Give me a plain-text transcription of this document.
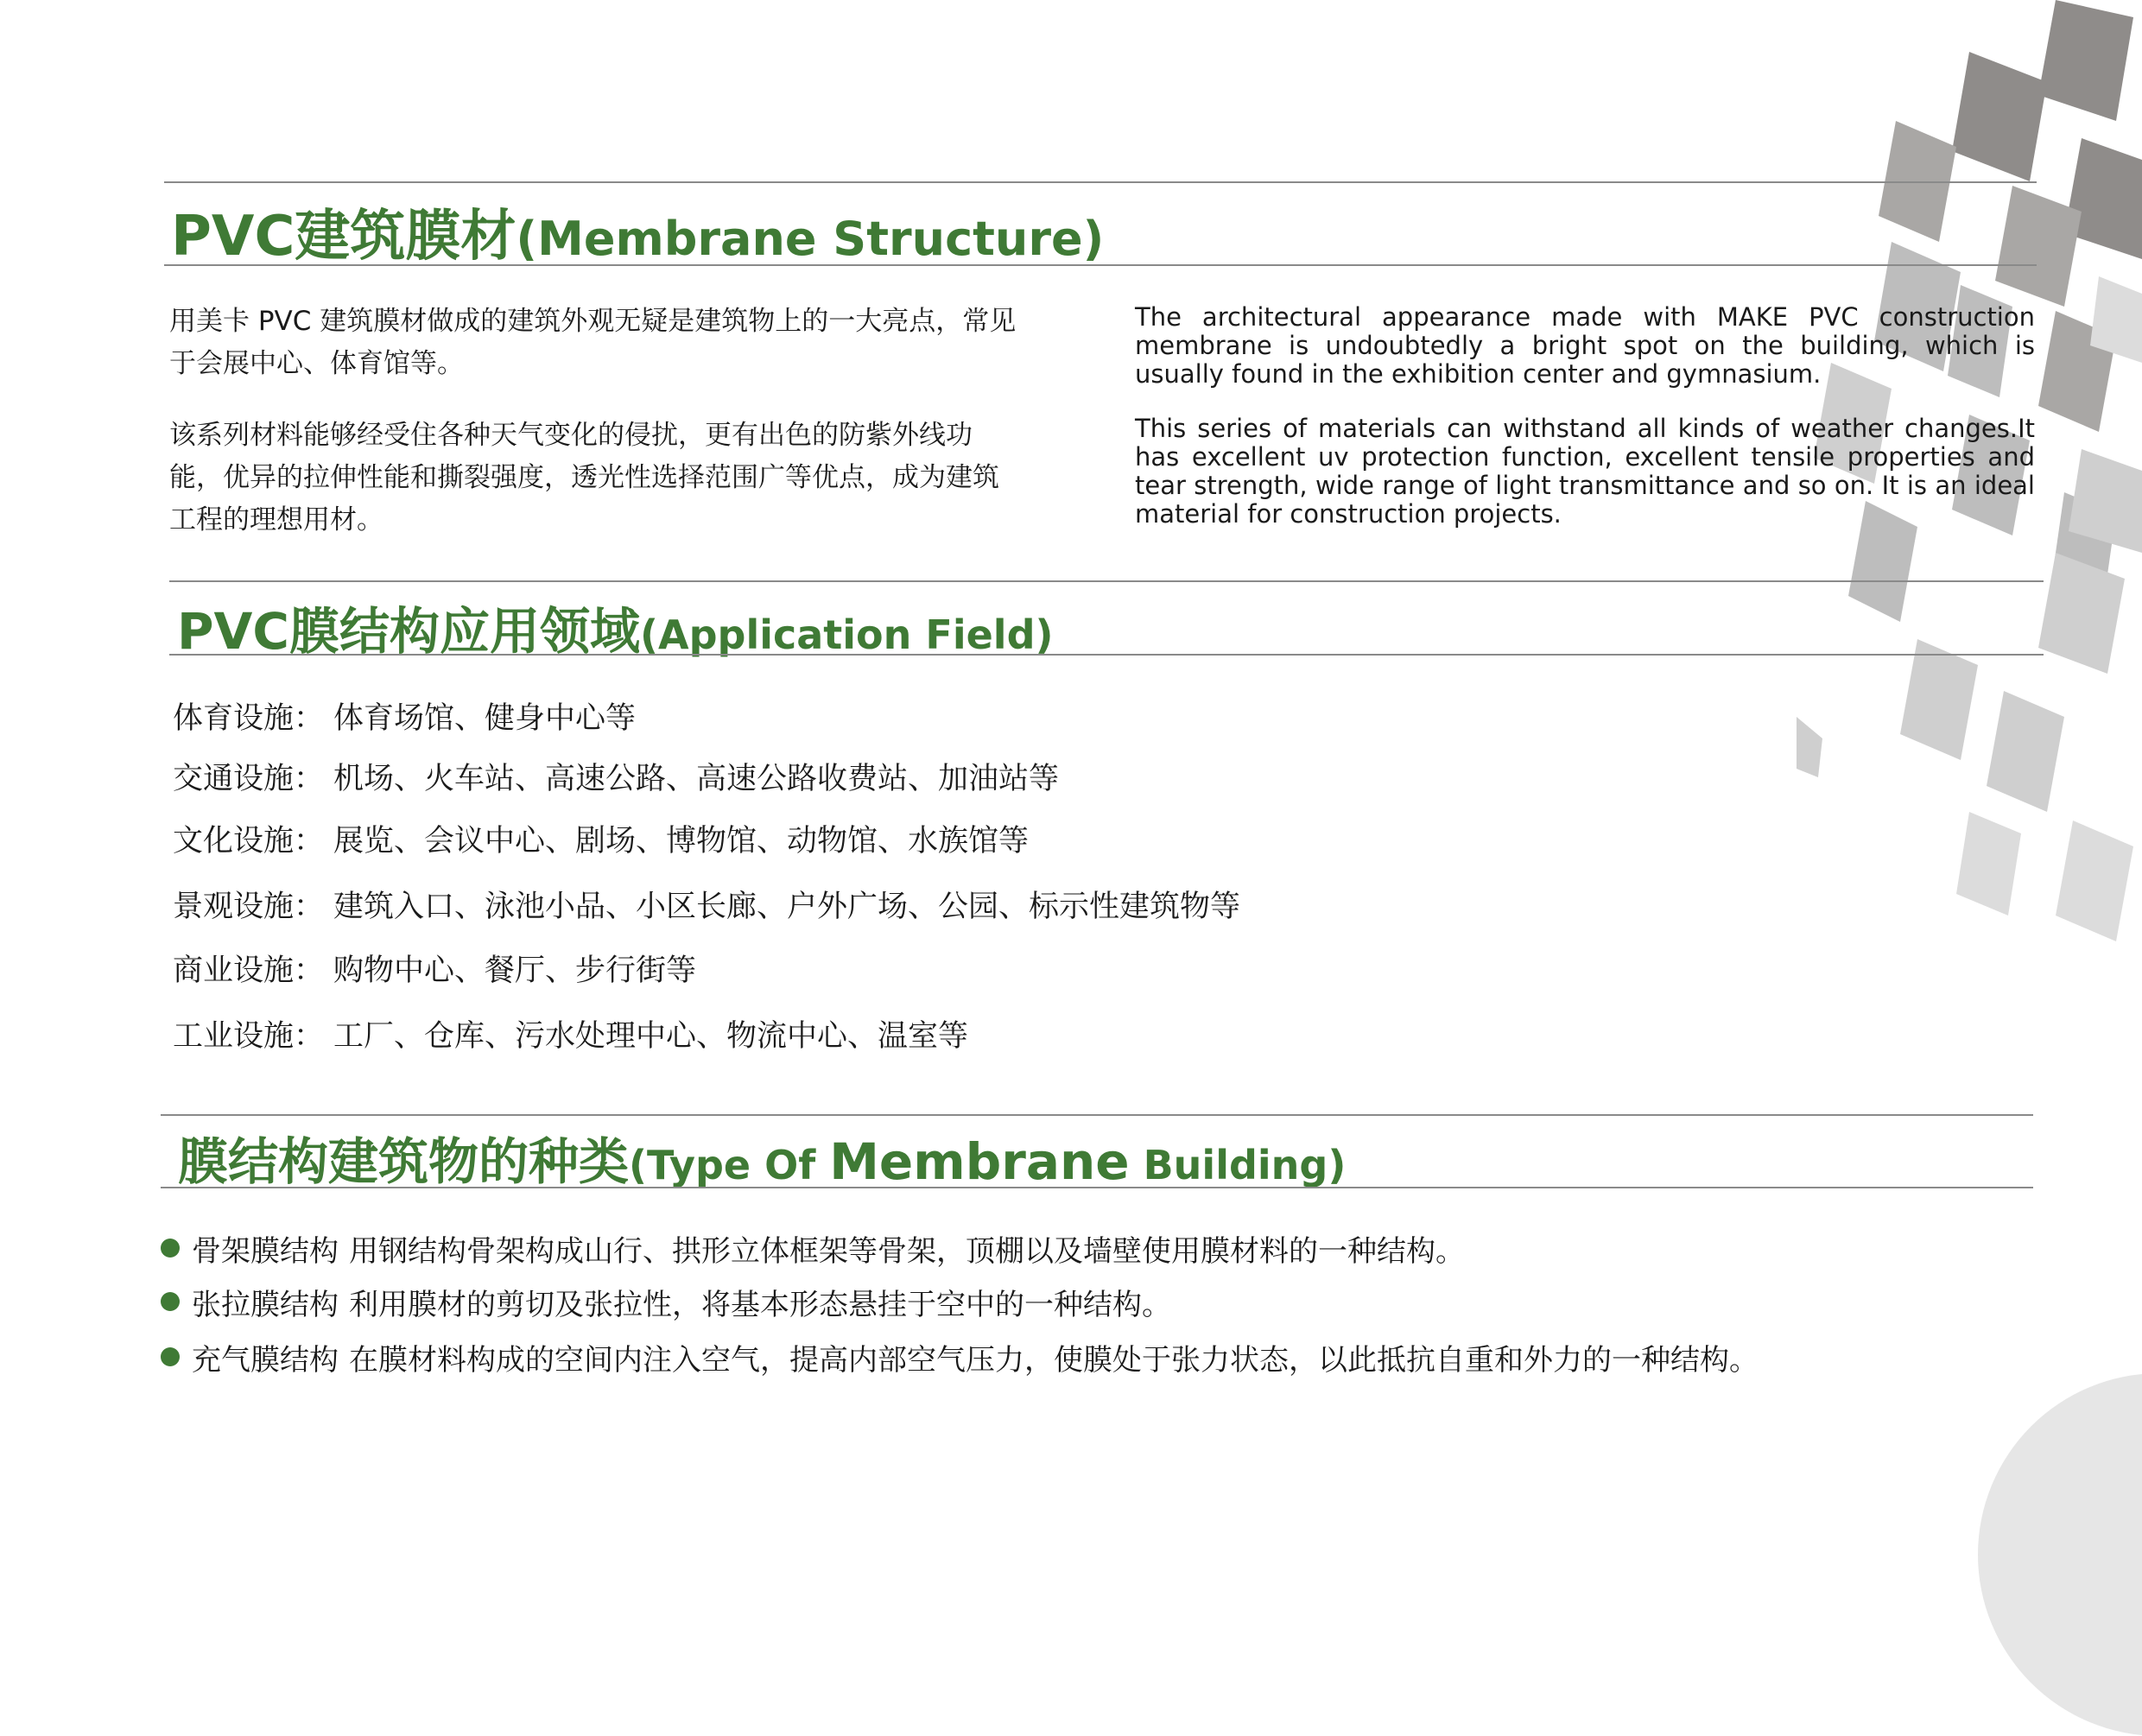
PVC建筑膜材(Membrane Structure)

用美卡 PVC 建筑膜材做成的建筑外观无疑是建筑物上的一大亮点，常见于会展中心、体育馆等。

该系列材料能够经受住各种天气变化的侵扰，更有出色的防紫外线功能，优异的拉伸性能和撕裂强度，透光性选择范围广等优点，成为建筑工程的理想用材。

The architectural appearance made with MAKE PVC construction membrane is undoubtedly a bright spot on the building, which is usually found in the exhibition center and gymnasium.

This series of materials can withstand all kinds of weather changes.It has excellent uv protection function, excellent tensile properties and tear strength, wide range of light transmittance and so on. It is an ideal material for construction projects.

PVC膜结构应用领域(Application Field)
体育设施： 体育场馆、健身中心等
交通设施： 机场、火车站、高速公路、高速公路收费站、加油站等
文化设施： 展览、会议中心、剧场、博物馆、动物馆、水族馆等
景观设施： 建筑入口、泳池小品、小区长廊、户外广场、公园、标示性建筑物等
商业设施： 购物中心、餐厅、步行街等
工业设施： 工厂、仓库、污水处理中心、物流中心、温室等
膜结构建筑物的种类(Type Of Membrane Building)
骨架膜结构 用钢结构骨架构成山行、拱形立体框架等骨架，顶棚以及墙壁使用膜材料的一种结构。
张拉膜结构 利用膜材的剪切及张拉性，将基本形态悬挂于空中的一种结构。
充气膜结构 在膜材料构成的空间内注入空气，提高内部空气压力，使膜处于张力状态，以此抵抗自重和外力的一种结构。
